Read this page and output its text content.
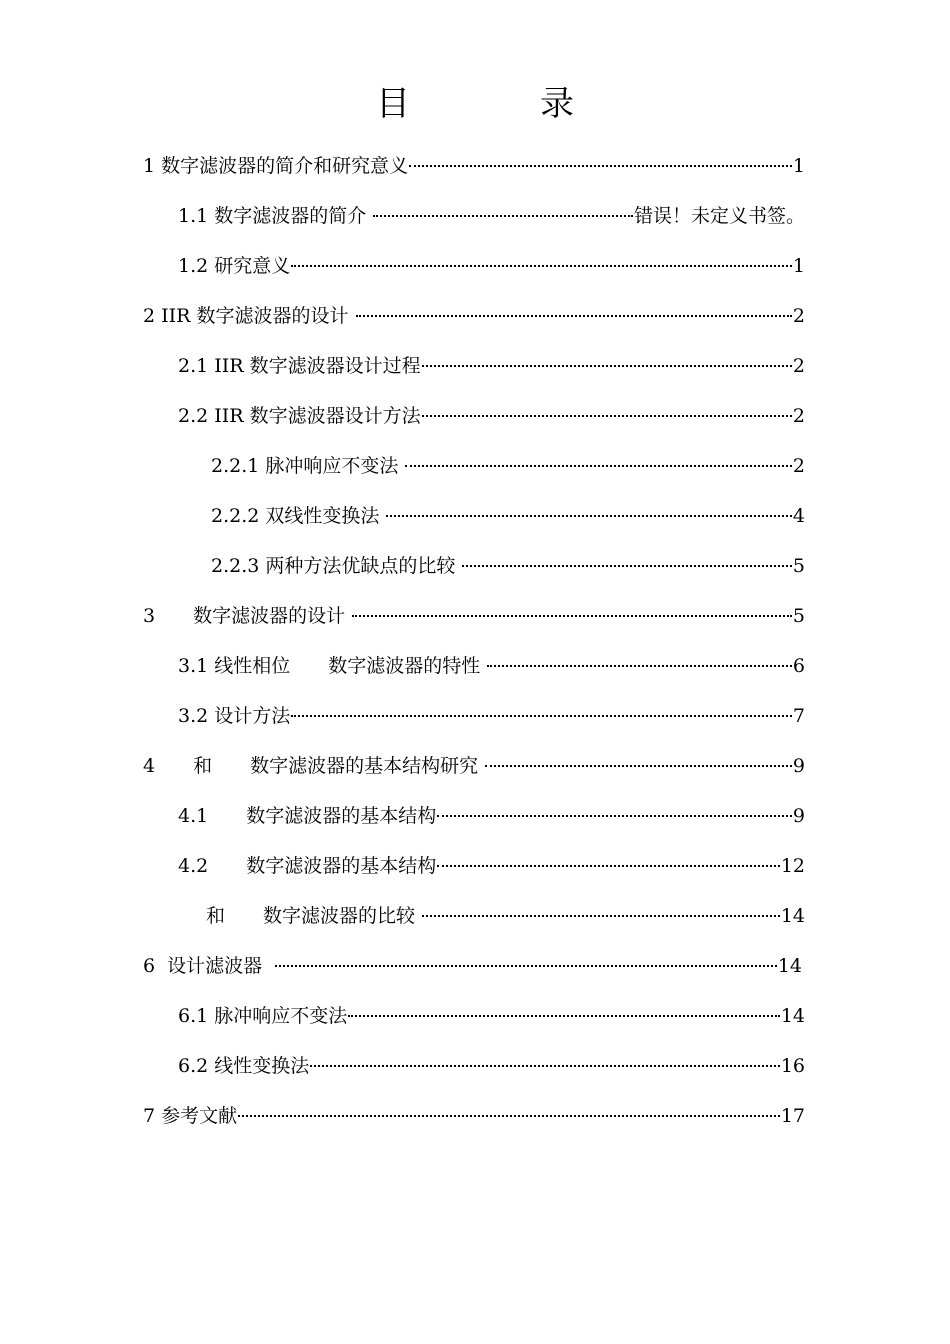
目　录
1 数字滤波器的简介和研究意义	1
1.1 数字滤波器的简介	错误！未定义书签。
1.2 研究意义	1
2 IIR 数字滤波器的设计	2
2.1 IIR 数字滤波器设计过程	2
2.2 IIR 数字滤波器设计方法	2
2.2.1 脉冲响应不变法	2
2.2.2 双线性变换法	4
2.2.3 两种方法优缺点的比较	5
3　　数字滤波器的设计	5
3.1 线性相位　　数字滤波器的特性	6
3.2 设计方法	7
4　　和　　数字滤波器的基本结构研究	9
4.1　　数字滤波器的基本结构	9
4.2　　数字滤波器的基本结构	12
和　　数字滤波器的比较	14
6  设计滤波器	14
6.1 脉冲响应不变法	14
6.2 线性变换法	16
7 参考文献	17
